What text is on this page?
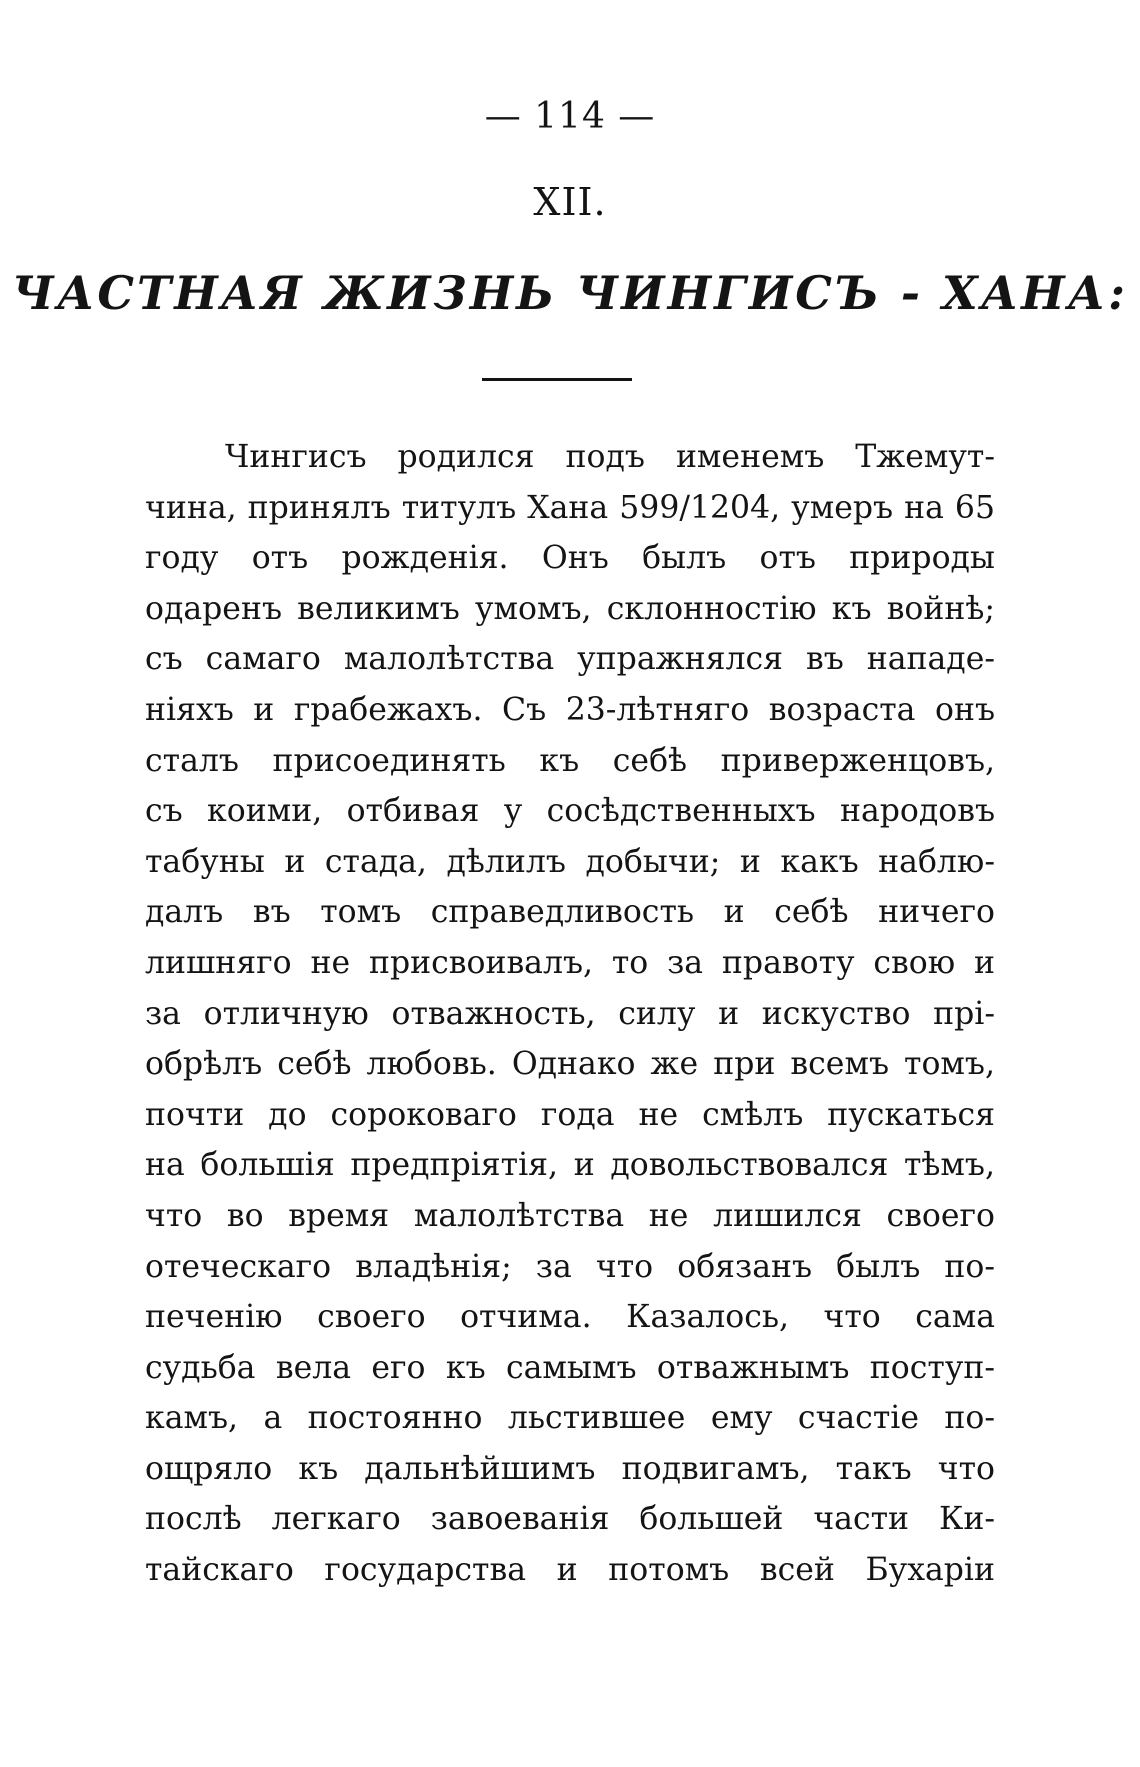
— 114 —
XII.
ЧАСТНАЯ ЖИЗНЬ ЧИНГИСЪ - ХАНА:
Чингисъ родился подъ именемъ Тжемут-
чина, принялъ титулъ Хана 599/1204, умеръ на 65
году отъ рожденія. Онъ былъ отъ природы
одаренъ великимъ умомъ, склонностію къ войнѣ;
съ самаго малолѣтства упражнялся въ нападе-
ніяхъ и грабежахъ. Съ 23-лѣтняго возраста онъ
сталъ присоединять къ себѣ приверженцовъ,
съ коими, отбивая у сосѣдственныхъ народовъ
табуны и стада, дѣлилъ добычи; и какъ наблю-
далъ въ томъ справедливость и себѣ ничего
лишняго не присвоивалъ, то за правоту свою и
за отличную отважность, силу и искуство прі-
обрѣлъ себѣ любовь. Однако же при всемъ томъ,
почти до сороковаго года не смѣлъ пускаться
на большія предпріятія, и довольствовался тѣмъ,
что во время малолѣтства не лишился своего
отеческаго владѣнія; за что обязанъ былъ по-
печенію своего отчима. Казалось, что сама
судьба вела его къ самымъ отважнымъ поступ-
камъ, а постоянно льстившее ему счастіе по-
ощряло къ дальнѣйшимъ подвигамъ, такъ что
послѣ легкаго завоеванія большей части Ки-
тайскаго государства и потомъ всей Бухаріи
